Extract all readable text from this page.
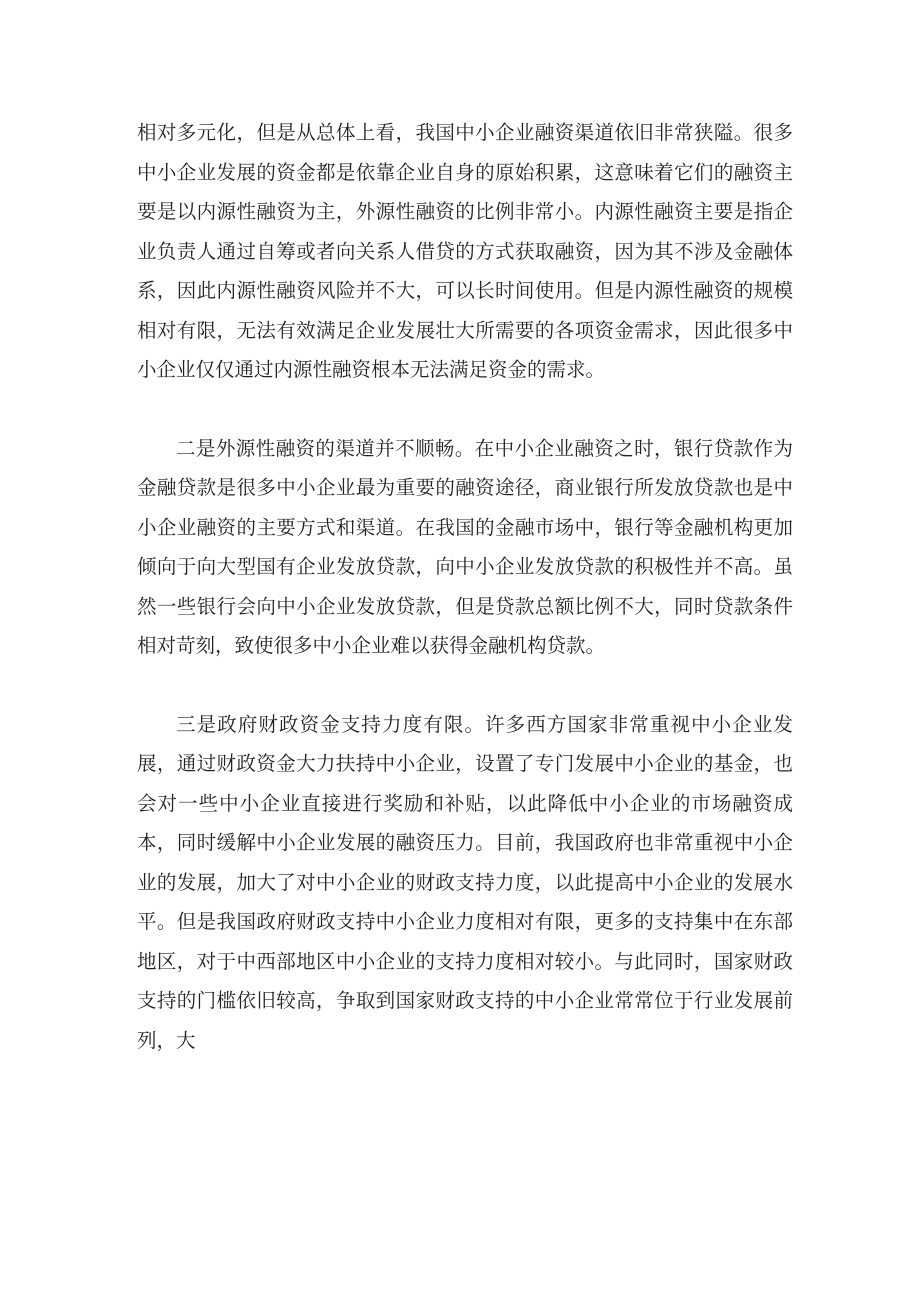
相对多元化，但是从总体上看，我国中小企业融资渠道依旧非常狭隘。很多中小企业发展的资金都是依靠企业自身的原始积累，这意味着它们的融资主要是以内源性融资为主，外源性融资的比例非常小。内源性融资主要是指企业负责人通过自筹或者向关系人借贷的方式获取融资，因为其不涉及金融体系，因此内源性融资风险并不大，可以长时间使用。但是内源性融资的规模相对有限，无法有效满足企业发展壮大所需要的各项资金需求，因此很多中小企业仅仅通过内源性融资根本无法满足资金的需求。

二是外源性融资的渠道并不顺畅。在中小企业融资之时，银行贷款作为金融贷款是很多中小企业最为重要的融资途径，商业银行所发放贷款也是中小企业融资的主要方式和渠道。在我国的金融市场中，银行等金融机构更加倾向于向大型国有企业发放贷款，向中小企业发放贷款的积极性并不高。虽然一些银行会向中小企业发放贷款，但是贷款总额比例不大，同时贷款条件相对苛刻，致使很多中小企业难以获得金融机构贷款。

三是政府财政资金支持力度有限。许多西方国家非常重视中小企业发展，通过财政资金大力扶持中小企业，设置了专门发展中小企业的基金，也会对一些中小企业直接进行奖励和补贴，以此降低中小企业的市场融资成本，同时缓解中小企业发展的融资压力。目前，我国政府也非常重视中小企业的发展，加大了对中小企业的财政支持力度，以此提高中小企业的发展水平。但是我国政府财政支持中小企业力度相对有限，更多的支持集中在东部地区，对于中西部地区中小企业的支持力度相对较小。与此同时，国家财政支持的门槛依旧较高，争取到国家财政支持的中小企业常常位于行业发展前列，大
